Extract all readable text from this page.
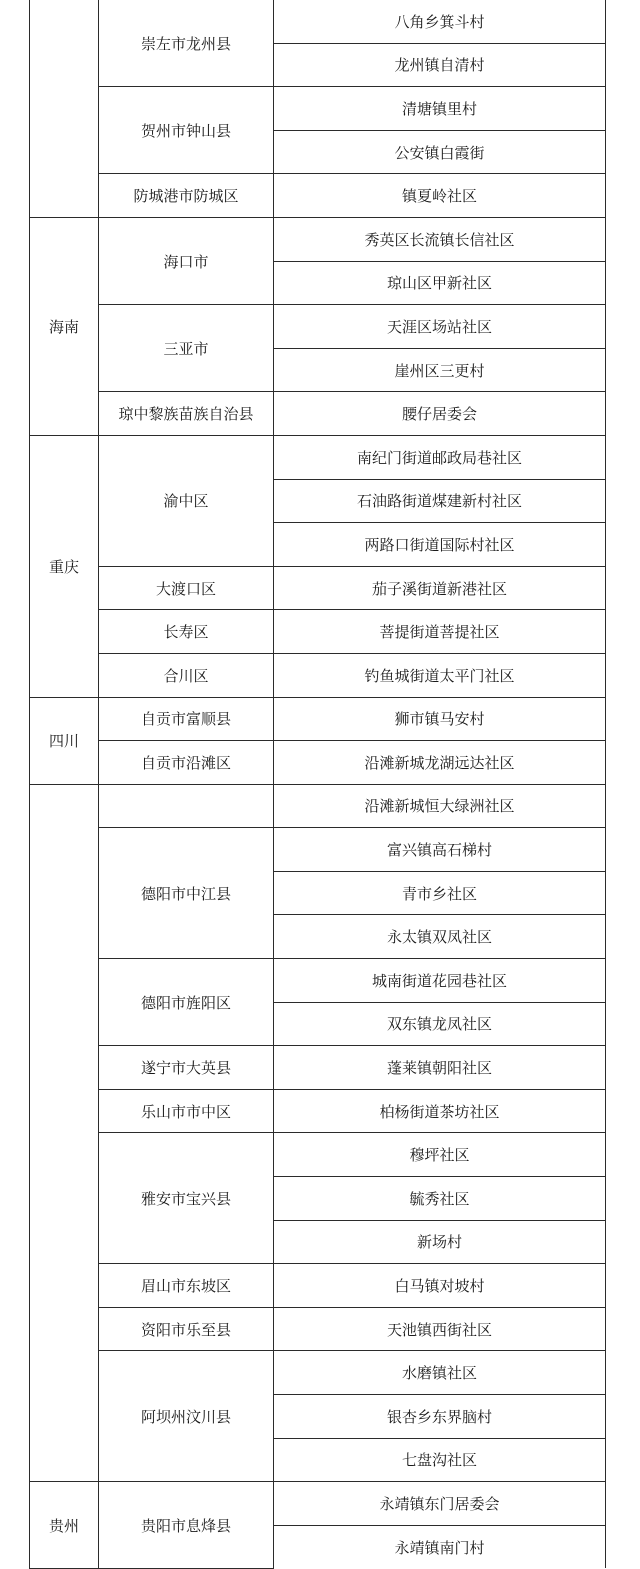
	崇左市龙州县	八角乡箕斗村
		龙州镇自清村
	贺州市钟山县	清塘镇里村
		公安镇白霞街
	防城港市防城区	镇夏岭社区
海南	海口市	秀英区长流镇长信社区
		琼山区甲新社区
	三亚市	天涯区场站社区
		崖州区三更村
	琼中黎族苗族自治县	腰仔居委会
重庆	渝中区	南纪门街道邮政局巷社区
		石油路街道煤建新村社区
		两路口街道国际村社区
	大渡口区	茄子溪街道新港社区
	长寿区	菩提街道菩提社区
	合川区	钓鱼城街道太平门社区
四川	自贡市富顺县	狮市镇马安村
	自贡市沿滩区	沿滩新城龙湖远达社区
		沿滩新城恒大绿洲社区
	德阳市中江县	富兴镇高石梯村
		青市乡社区
		永太镇双凤社区
	德阳市旌阳区	城南街道花园巷社区
		双东镇龙凤社区
	遂宁市大英县	蓬莱镇朝阳社区
	乐山市市中区	柏杨街道茶坊社区
	雅安市宝兴县	穆坪社区
		毓秀社区
		新场村
	眉山市东坡区	白马镇对坡村
	资阳市乐至县	天池镇西街社区
	阿坝州汶川县	水磨镇社区
		银杏乡东界脑村
		七盘沟社区
贵州	贵阳市息烽县	永靖镇东门居委会
		永靖镇南门村
